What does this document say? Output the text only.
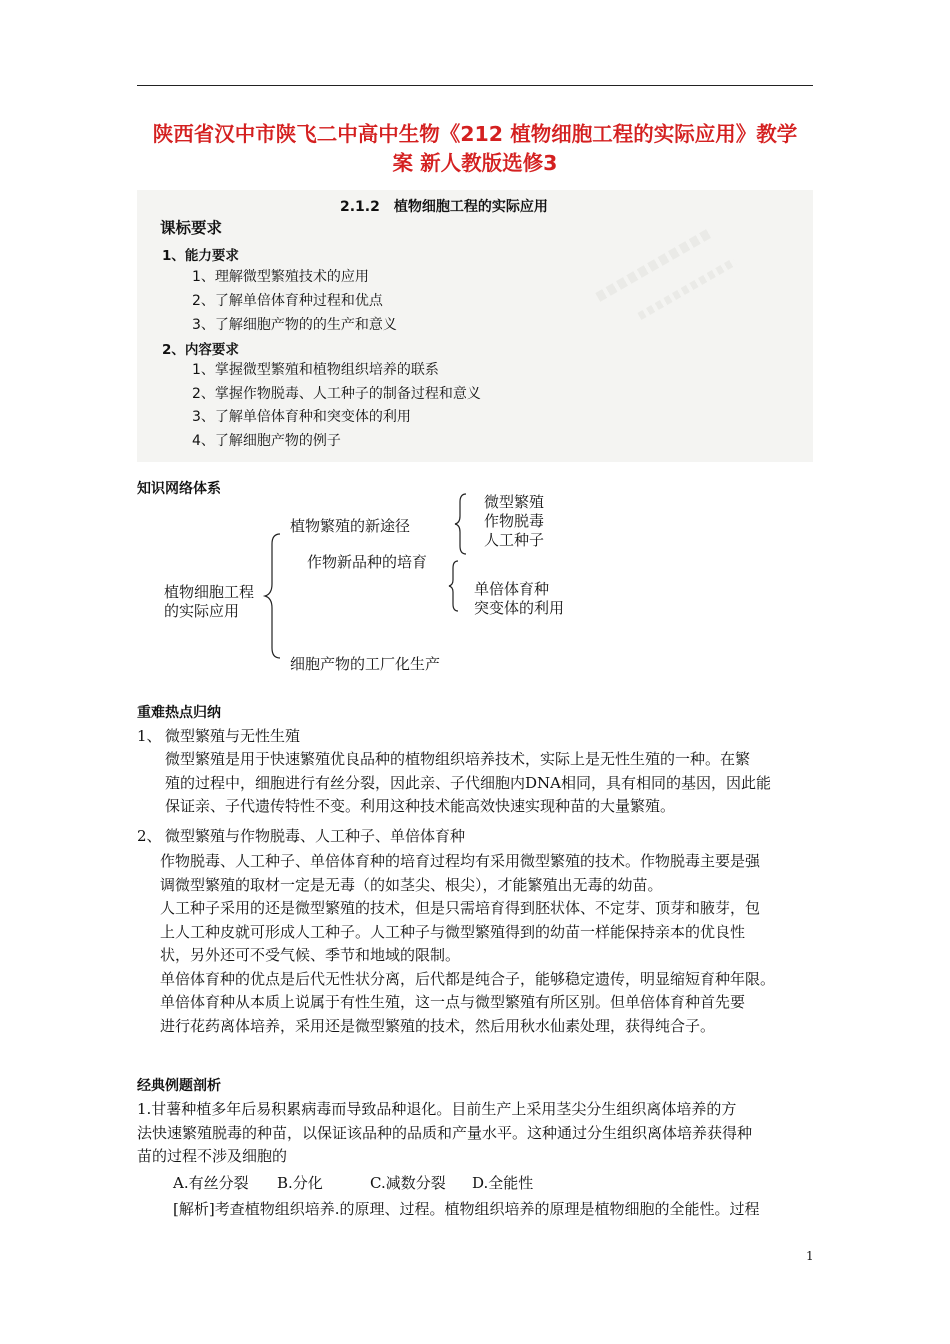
陕西省汉中市陕飞二中高中生物《212 植物细胞工程的实际应用》教学
案 新人教版选修3
2.1.2　植物细胞工程的实际应用
课标要求
1、能力要求
1、理解微型繁殖技术的应用
2、了解单倍体育种过程和优点
3、了解细胞产物的的生产和意义
2、内容要求
1、掌握微型繁殖和植物组织培养的联系
2、掌握作物脱毒、人工种子的制备过程和意义
3、了解单倍体育种和突变体的利用
4、了解细胞产物的例子
知识网络体系
植物细胞工程
的实际应用
植物繁殖的新途径
作物新品种的培育
细胞产物的工厂化生产
微型繁殖
作物脱毒
人工种子
单倍体育种
突变体的利用
重难热点归纳
1、 微型繁殖与无性生殖
微型繁殖是用于快速繁殖优良品种的植物组织培养技术，实际上是无性生殖的一种。在繁
殖的过程中，细胞进行有丝分裂，因此亲、子代细胞内DNA相同，具有相同的基因，因此能
保证亲、子代遗传特性不变。利用这种技术能高效快速实现种苗的大量繁殖。
2、 微型繁殖与作物脱毒、人工种子、单倍体育种
作物脱毒、人工种子、单倍体育种的培育过程均有采用微型繁殖的技术。作物脱毒主要是强
调微型繁殖的取材一定是无毒（的如茎尖、根尖），才能繁殖出无毒的幼苗。
人工种子采用的还是微型繁殖的技术，但是只需培育得到胚状体、不定芽、顶芽和腋芽，包
上人工种皮就可形成人工种子。人工种子与微型繁殖得到的幼苗一样能保持亲本的优良性
状，另外还可不受气候、季节和地域的限制。
单倍体育种的优点是后代无性状分离，后代都是纯合子，能够稳定遗传，明显缩短育种年限。
单倍体育种从本质上说属于有性生殖，这一点与微型繁殖有所区别。但单倍体育种首先要
进行花药离体培养，采用还是微型繁殖的技术，然后用秋水仙素处理，获得纯合子。
经典例题剖析
1.甘薯种植多年后易积累病毒而导致品种退化。目前生产上采用茎尖分生组织离体培养的方
法快速繁殖脱毒的种苗，以保证该品种的品质和产量水平。这种通过分生组织离体培养获得种
苗的过程不涉及细胞的
A.有丝分裂 B.分化	C.减数分裂 D.全能性
[解析]考查植物组织培养.的原理、过程。植物组织培养的原理是植物细胞的全能性。过程
1
